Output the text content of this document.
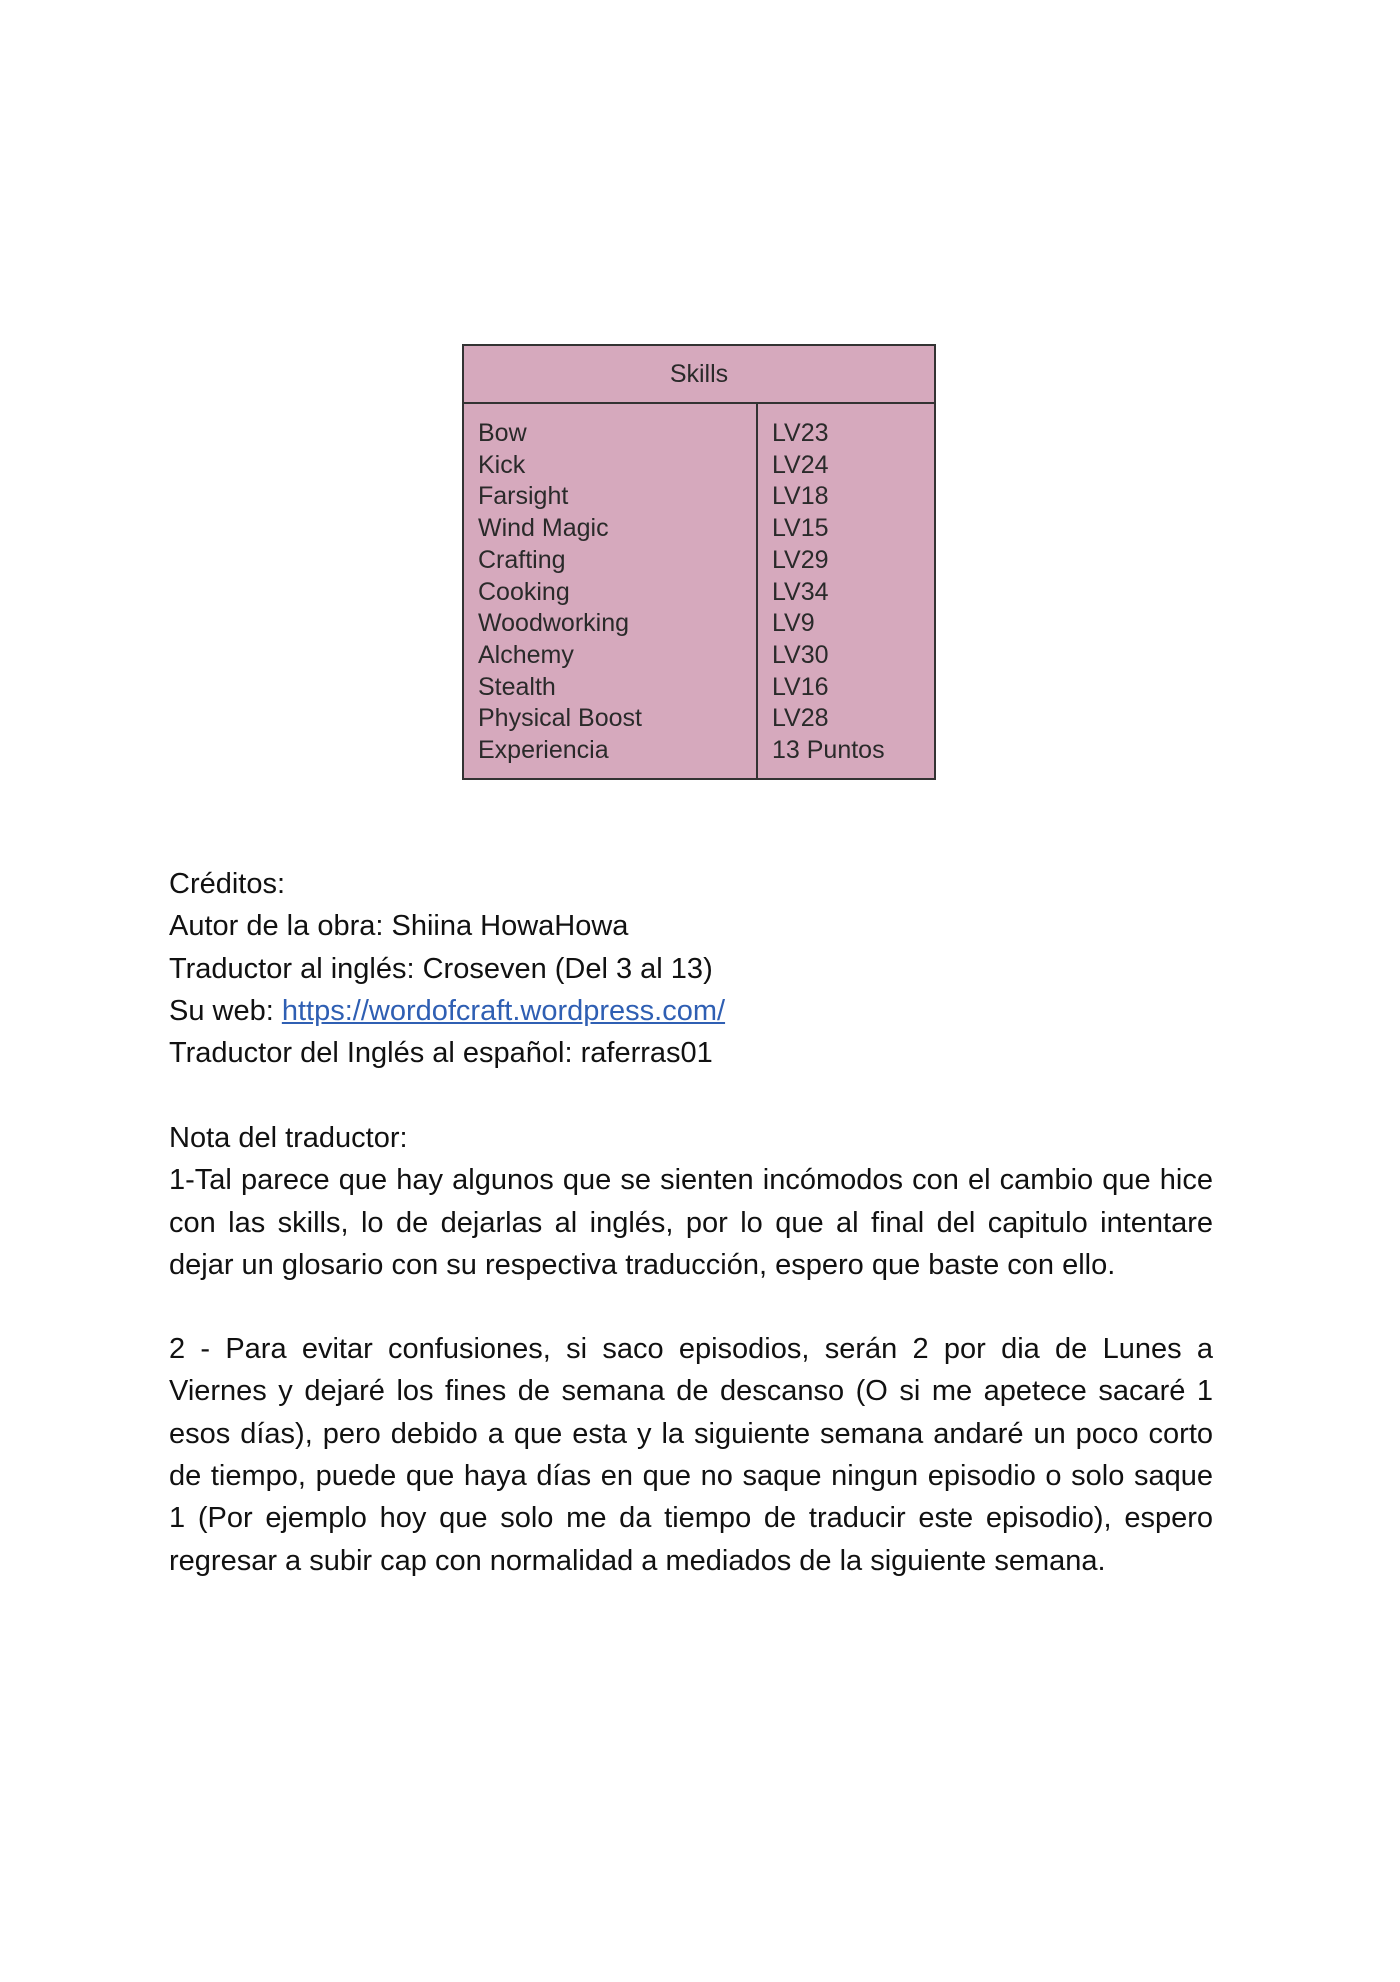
Skills
Bow
Kick
Farsight
Wind Magic
Crafting
Cooking
Woodworking
Alchemy
Stealth
Physical Boost
Experiencia
LV23
LV24
LV18
LV15
LV29
LV34
LV9
LV30
LV16
LV28
13 Puntos
Créditos:
Autor de la obra: Shiina HowaHowa
Traductor al inglés: Croseven (Del 3 al 13)
Su web: https://wordofcraft.wordpress.com/
Traductor del Inglés al español: raferras01
Nota del traductor:

1-Tal parece que hay algunos que se sienten incómodos con el cambio que hice con las skills, lo de dejarlas al inglés, por lo que al final del capitulo intentare dejar un glosario con su respectiva traducción, espero que baste con ello.

2 - Para evitar confusiones, si saco episodios, serán 2 por dia de Lunes a Viernes y dejaré los fines de semana de descanso (O si me apetece sacaré 1 esos días), pero debido a que esta y la siguiente semana andaré un poco corto de tiempo, puede que haya días en que no saque ningun episodio o solo saque 1 (Por ejemplo hoy que solo me da tiempo de traducir este episodio), espero regresar a subir cap con normalidad a mediados de la siguiente semana.
